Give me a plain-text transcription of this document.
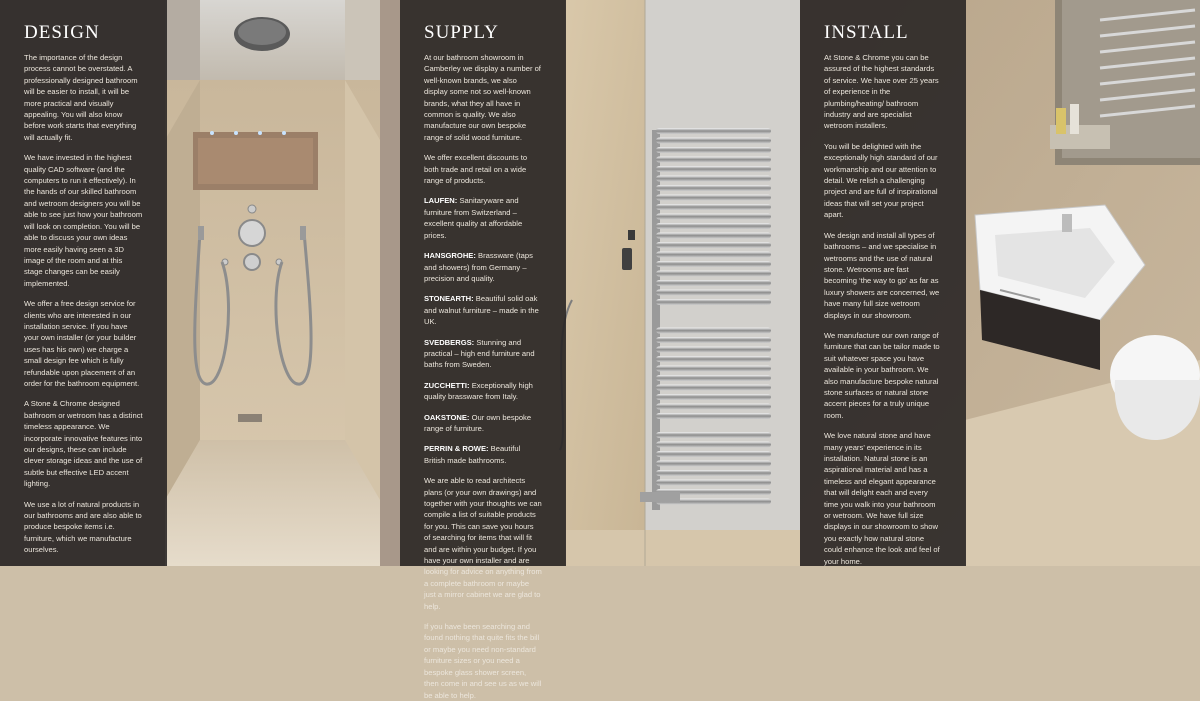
DESIGN

The importance of the design process cannot be overstated. A professionally designed bathroom will be easier to install, it will be more practical and visually appealing. You will also know before work starts that everything will actually fit.

We have invested in the highest quality CAD software (and the computers to run it effectively). In the hands of our skilled bathroom and wetroom designers you will be able to see just how your bathroom will look on completion. You will be able to discuss your own ideas more easily having seen a 3D image of the room and at this stage changes can be easily implemented.

We offer a free design service for clients who are interested in our installation service. If you have your own installer (or your builder uses has his own) we charge a small design fee which is fully refundable upon placement of an order for the bathroom equipment.

A Stone & Chrome designed bathroom or wetroom has a distinct timeless appearance. We incorporate innovative features into our designs, these can include clever storage ideas and the use of subtle but effective LED accent lighting.

We use a lot of natural products in our bathrooms and are also able to produce bespoke items i.e. furniture, which we manufacture ourselves.

SUPPLY

At our bathroom showroom in Camberley we display a number of well-known brands, we also display some not so well-known brands, what they all have in common is quality. We also manufacture our own bespoke range of solid wood furniture.

We offer excellent discounts to both trade and retail on a wide range of products.

LAUFEN: Sanitaryware and furniture from Switzerland – excellent quality at affordable prices.

HANSGROHE: Brassware (taps and showers) from Germany – precision and quality.

STONEARTH: Beautiful solid oak and walnut furniture – made in the UK.

SVEDBERGS: Stunning and practical – high end furniture and baths from Sweden.

ZUCCHETTI: Exceptionally high quality brassware from Italy.

OAKSTONE: Our own bespoke range of furniture.

PERRIN & ROWE: Beautiful British made bathrooms.

We are able to read architects plans (or your own drawings) and together with your thoughts we can compile a list of suitable products for you. This can save you hours of searching for items that will fit and are within your budget. If you have your own installer and are looking for advice on anything from a complete bathroom or maybe just a mirror cabinet we are glad to help.

If you have been searching and found nothing that quite fits the bill or maybe you need non-standard furniture sizes or you need a bespoke glass shower screen, then come in and see us as we will be able to help.

INSTALL

At Stone & Chrome you can be assured of the highest standards of service. We have over 25 years of experience in the plumbing/heating/ bathroom industry and are specialist wetroom installers.

You will be delighted with the exceptionally high standard of our workmanship and our attention to detail. We relish a challenging project and are full of inspirational ideas that will set your project apart.

We design and install all types of bathrooms – and we specialise in wetrooms and the use of natural stone. Wetrooms are fast becoming ‘the way to go’ as far as luxury showers are concerned, we have many full size wetroom displays in our showroom.

We manufacture our own range of furniture that can be tailor made to suit whatever space you have available in your bathroom. We also manufacture bespoke natural stone surfaces or natural stone accent pieces for a truly unique room.

We love natural stone and have many years’ experience in its installation. Natural stone is an aspirational material and has a timeless and elegant appearance that will delight each and every time you walk into your bathroom or wetroom. We have full size displays in our showroom to show you exactly how natural stone could enhance the look and feel of your home.
